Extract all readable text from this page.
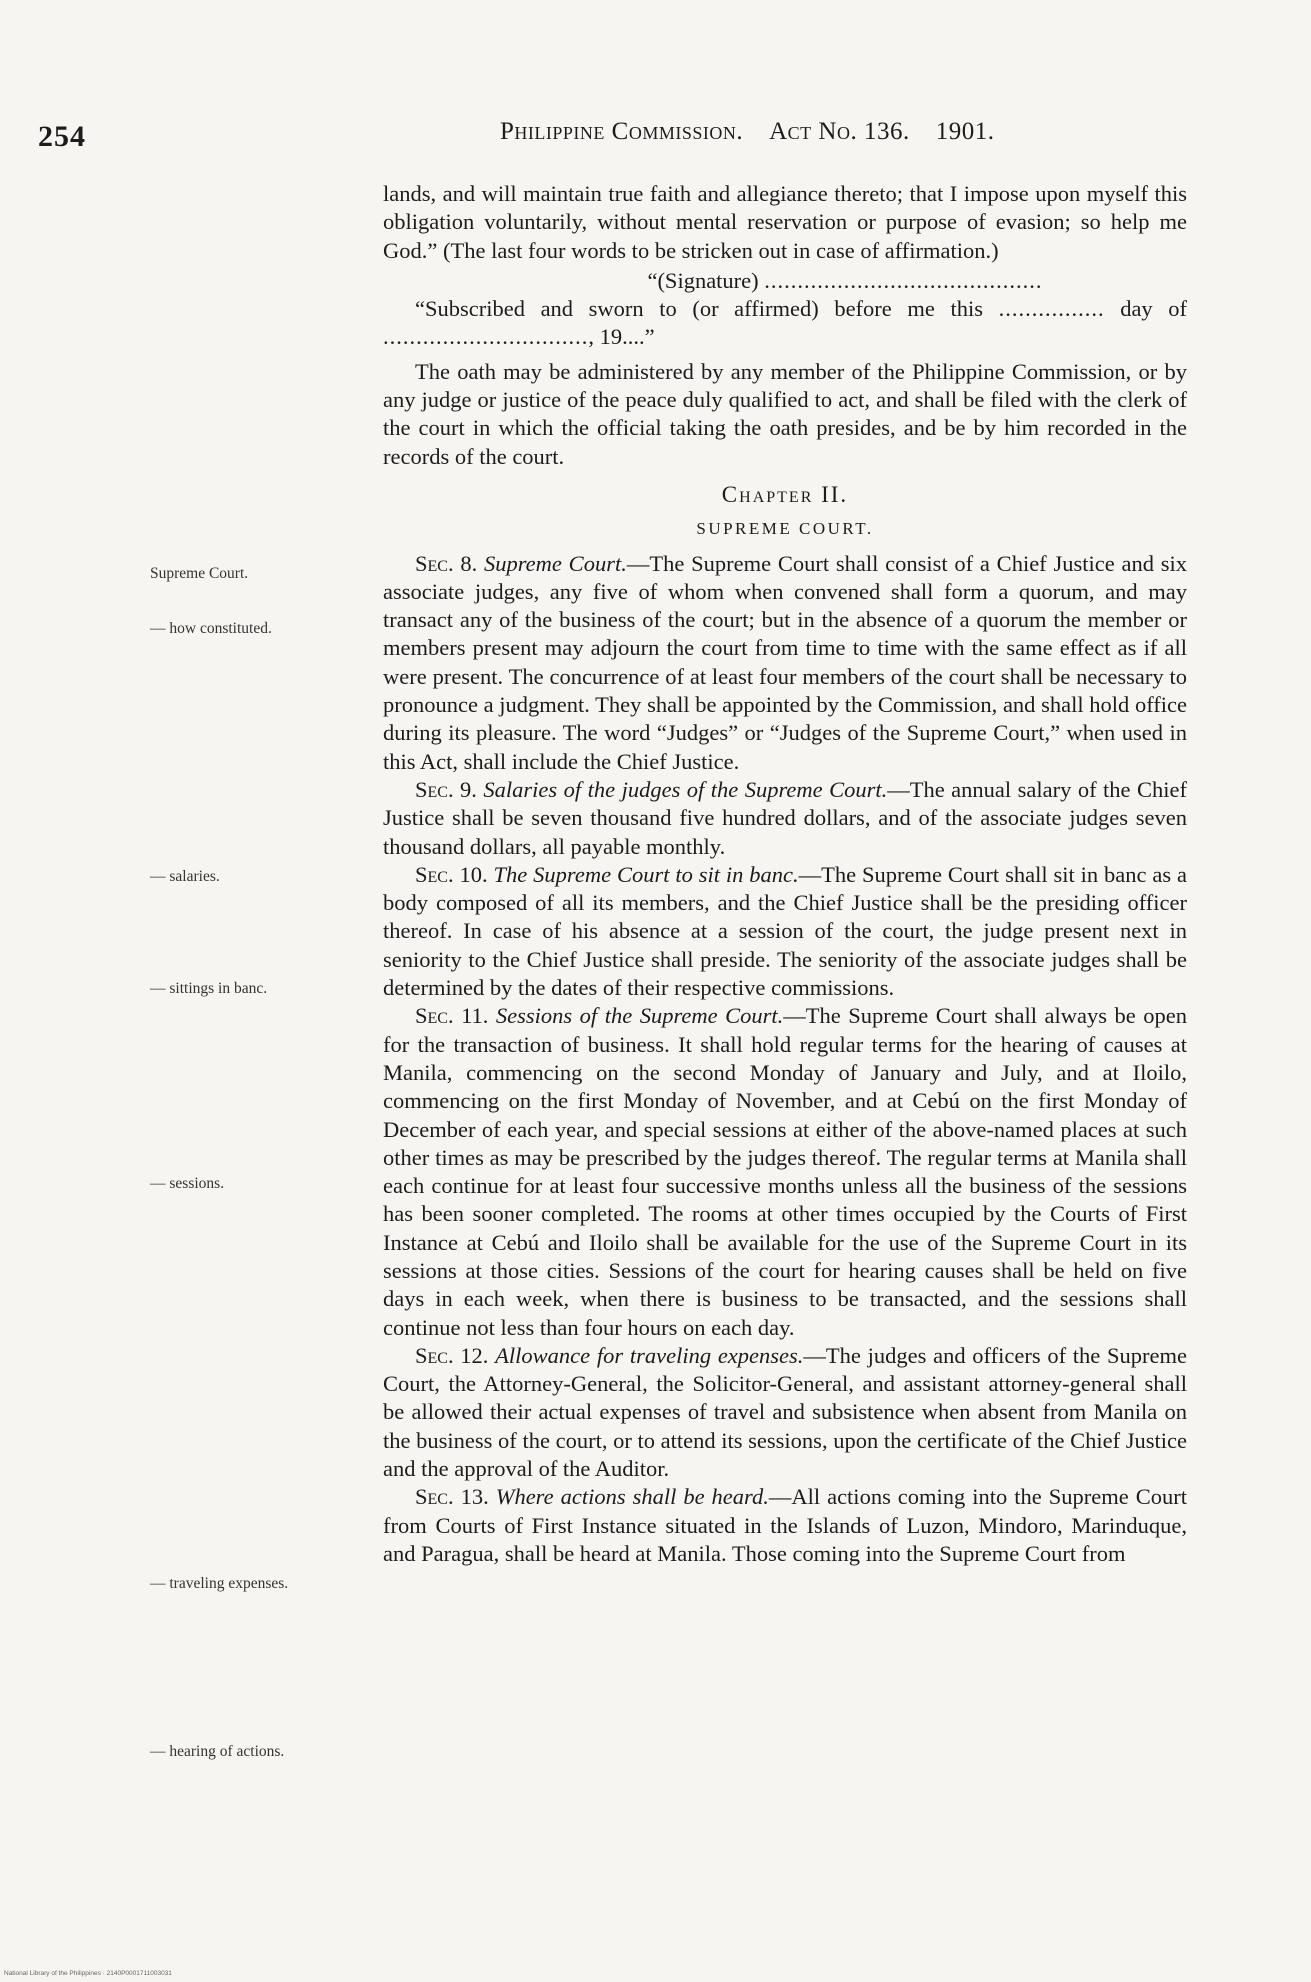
254	Philippine Commission. Act No. 136. 1901.

lands, and will maintain true faith and allegiance thereto; that I impose upon myself this obligation voluntarily, without mental reservation or purpose of evasion; so help me God.” (The last four words to be stricken out in case of affirmation.)

“(Signature) ..........................................

“Subscribed and sworn to (or affirmed) before me this ................ day of ..............................., 19....”

The oath may be administered by any member of the Philippine Commission, or by any judge or justice of the peace duly qualified to act, and shall be filed with the clerk of the court in which the official taking the oath presides, and be by him recorded in the records of the court.

Chapter II.

SUPREME COURT.

Sec. 8. Supreme Court.—The Supreme Court shall consist of a Chief Justice and six associate judges, any five of whom when convened shall form a quorum, and may transact any of the business of the court; but in the absence of a quorum the member or members present may adjourn the court from time to time with the same effect as if all were present. The concurrence of at least four members of the court shall be necessary to pronounce a judgment. They shall be appointed by the Commission, and shall hold office during its pleasure. The word “Judges” or “Judges of the Supreme Court,” when used in this Act, shall include the Chief Justice.

Sec. 9. Salaries of the judges of the Supreme Court.—The annual salary of the Chief Justice shall be seven thousand five hundred dollars, and of the associate judges seven thousand dollars, all payable monthly.

Sec. 10. The Supreme Court to sit in banc.—The Supreme Court shall sit in banc as a body composed of all its members, and the Chief Justice shall be the presiding officer thereof. In case of his absence at a session of the court, the judge present next in seniority to the Chief Justice shall preside. The seniority of the associate judges shall be determined by the dates of their respective commissions.

Sec. 11. Sessions of the Supreme Court.—The Supreme Court shall always be open for the transaction of business. It shall hold regular terms for the hearing of causes at Manila, commencing on the second Monday of January and July, and at Iloilo, commencing on the first Monday of November, and at Cebú on the first Monday of December of each year, and special sessions at either of the above-named places at such other times as may be prescribed by the judges thereof. The regular terms at Manila shall each continue for at least four successive months unless all the business of the sessions has been sooner completed. The rooms at other times occupied by the Courts of First Instance at Cebú and Iloilo shall be available for the use of the Supreme Court in its sessions at those cities. Sessions of the court for hearing causes shall be held on five days in each week, when there is business to be transacted, and the sessions shall continue not less than four hours on each day.

Sec. 12. Allowance for traveling expenses.—The judges and officers of the Supreme Court, the Attorney-General, the Solicitor-General, and assistant attorney-general shall be allowed their actual expenses of travel and subsistence when absent from Manila on the business of the court, or to attend its sessions, upon the certificate of the Chief Justice and the approval of the Auditor.

Sec. 13. Where actions shall be heard.—All actions coming into the Supreme Court from Courts of First Instance situated in the Islands of Luzon, Mindoro, Marinduque, and Paragua, shall be heard at Manila. Those coming into the Supreme Court from

Supreme Court.
— how constituted.
— salaries.
— sittings in banc.
— sessions.
— traveling expenses.
— hearing of actions.
National Library of the Philippines · 2140P0001711003031
